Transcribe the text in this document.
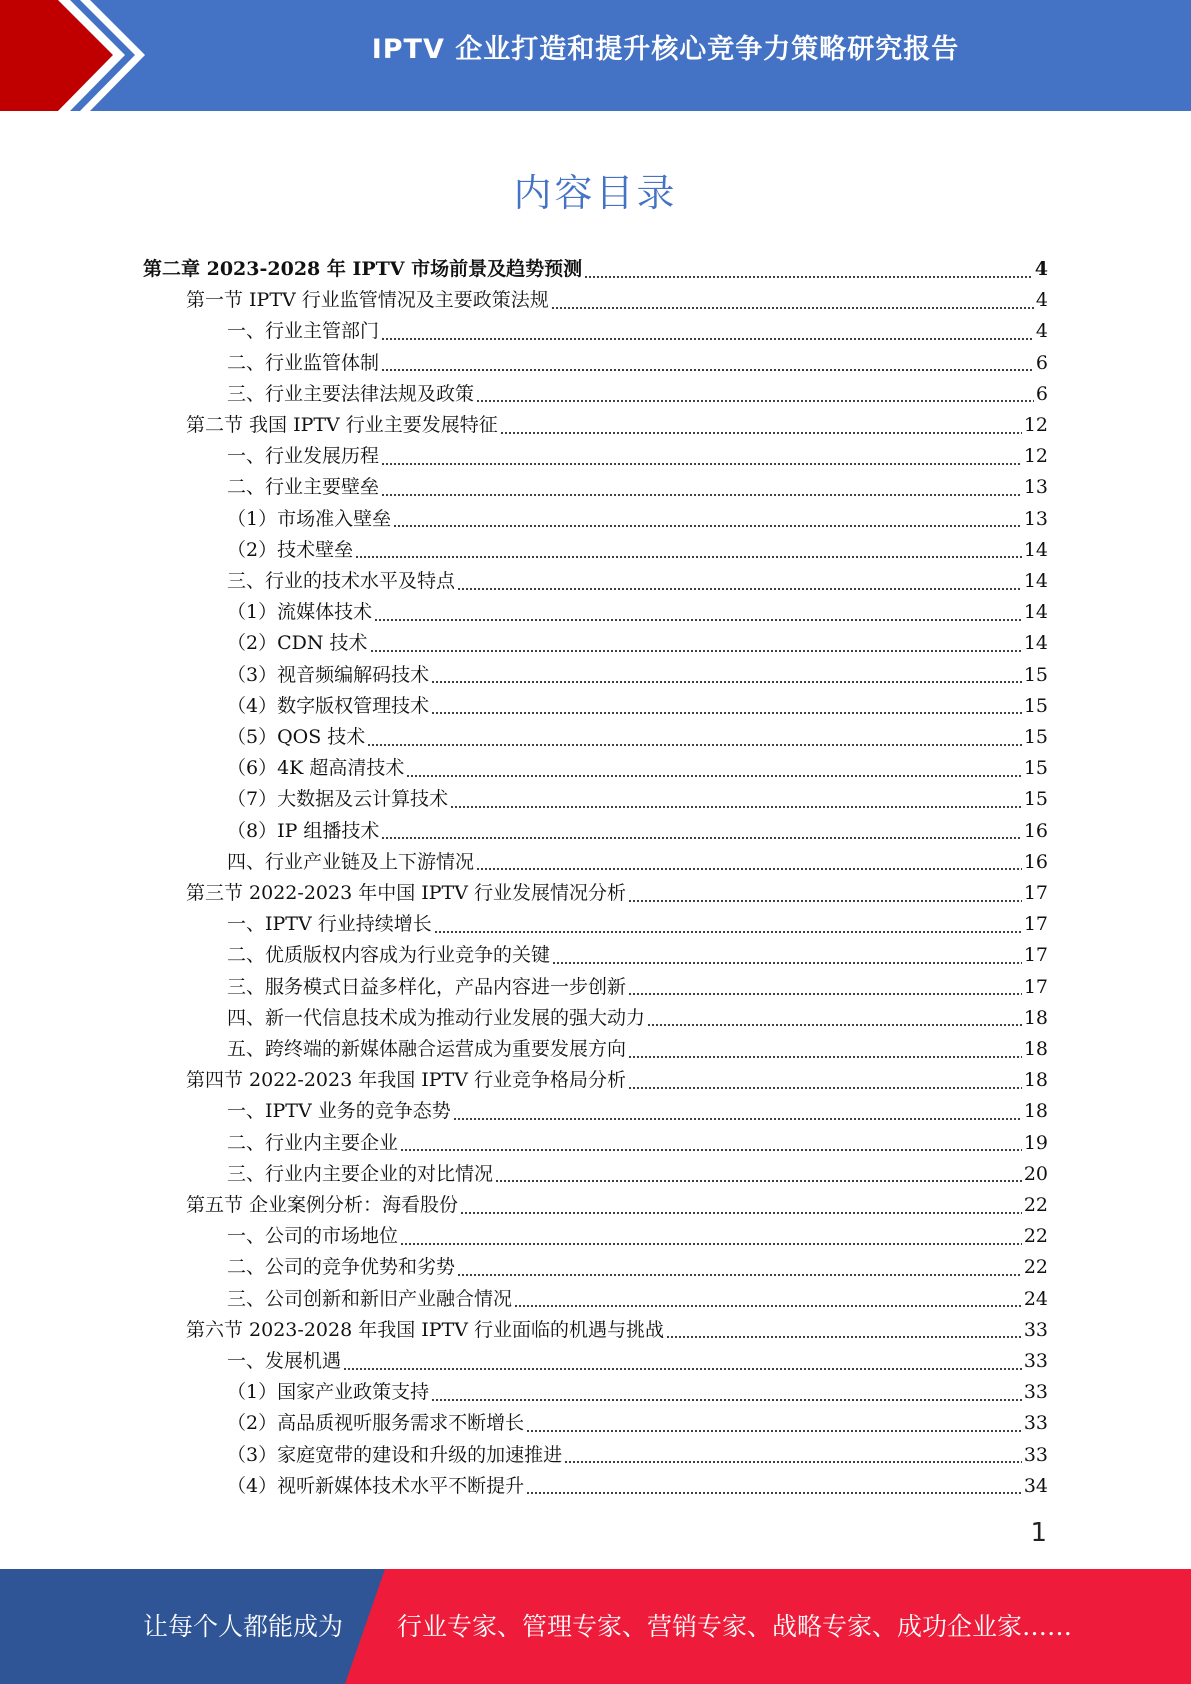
IPTV 企业打造和提升核心竞争力策略研究报告
内容目录
第二章 2023-2028 年 IPTV 市场前景及趋势预测	4
第一节 IPTV 行业监管情况及主要政策法规	4
一、行业主管部门	4
二、行业监管体制	6
三、行业主要法律法规及政策	6
第二节 我国 IPTV 行业主要发展特征	12
一、行业发展历程	12
二、行业主要壁垒	13
（1）市场准入壁垒	13
（2）技术壁垒	14
三、行业的技术水平及特点	14
（1）流媒体技术	14
（2）CDN 技术	14
（3）视音频编解码技术	15
（4）数字版权管理技术	15
（5）QOS 技术	15
（6）4K 超高清技术	15
（7）大数据及云计算技术	15
（8）IP 组播技术	16
四、行业产业链及上下游情况	16
第三节 2022-2023 年中国 IPTV 行业发展情况分析	17
一、IPTV 行业持续增长	17
二、优质版权内容成为行业竞争的关键	17
三、服务模式日益多样化，产品内容进一步创新	17
四、新一代信息技术成为推动行业发展的强大动力	18
五、跨终端的新媒体融合运营成为重要发展方向	18
第四节 2022-2023 年我国 IPTV 行业竞争格局分析	18
一、IPTV 业务的竞争态势	18
二、行业内主要企业	19
三、行业内主要企业的对比情况	20
第五节 企业案例分析：海看股份	22
一、公司的市场地位	22
二、公司的竞争优势和劣势	22
三、公司创新和新旧产业融合情况	24
第六节 2023-2028 年我国 IPTV 行业面临的机遇与挑战	33
一、发展机遇	33
（1）国家产业政策支持	33
（2）高品质视听服务需求不断增长	33
（3）家庭宽带的建设和升级的加速推进	33
（4）视听新媒体技术水平不断提升	34
1
让每个人都能成为 行业专家、管理专家、营销专家、战略专家、成功企业家……
